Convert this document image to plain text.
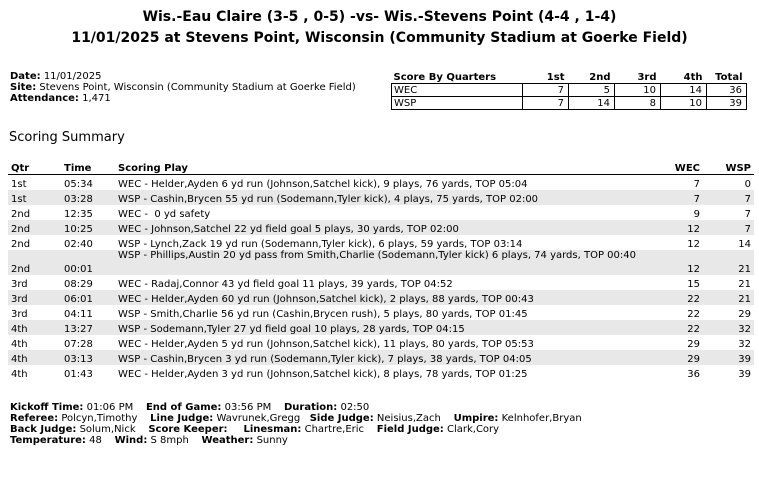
Wis.-Eau Claire (3-5 , 0-5) -vs- Wis.-Stevens Point (4-4 , 1-4)
11/01/2025 at Stevens Point, Wisconsin (Community Stadium at Goerke Field)
Date: 11/01/2025
Site: Stevens Point, Wisconsin (Community Stadium at Goerke Field)
Attendance: 1,471
Score By Quarters	1st	2nd	3rd	4th	Total
WEC	7	5	10	14	36
WSP	7	14	8	10	39
Scoring Summary
Qtr	Time	Scoring Play	WEC	WSP
1st	05:34	WEC - Helder,Ayden 6 yd run (Johnson,Satchel kick), 9 plays, 76 yards, TOP 05:04	7	0
1st	03:28	WSP - Cashin,Brycen 55 yd run (Sodemann,Tyler kick), 4 plays, 75 yards, TOP 02:00	7	7
2nd	12:35	WEC -  0 yd safety	9	7
2nd	10:25	WEC - Johnson,Satchel 22 yd field goal 5 plays, 30 yards, TOP 02:00	12	7
2nd	02:40	WSP - Lynch,Zack 19 yd run (Sodemann,Tyler kick), 6 plays, 59 yards, TOP 03:14	12	14
2nd	00:01	WSP - Phillips,Austin 20 yd pass from Smith,Charlie (Sodemann,Tyler kick) 6 plays, 74 yards, TOP 00:40	12	21
3rd	08:29	WEC - Radaj,Connor 43 yd field goal 11 plays, 39 yards, TOP 04:52	15	21
3rd	06:01	WEC - Helder,Ayden 60 yd run (Johnson,Satchel kick), 2 plays, 88 yards, TOP 00:43	22	21
3rd	04:11	WSP - Smith,Charlie 56 yd run (Cashin,Brycen rush), 5 plays, 80 yards, TOP 01:45	22	29
4th	13:27	WSP - Sodemann,Tyler 27 yd field goal 10 plays, 28 yards, TOP 04:15	22	32
4th	07:28	WEC - Helder,Ayden 5 yd run (Johnson,Satchel kick), 11 plays, 80 yards, TOP 05:53	29	32
4th	03:13	WSP - Cashin,Brycen 3 yd run (Sodemann,Tyler kick), 7 plays, 38 yards, TOP 04:05	29	39
4th	01:43	WEC - Helder,Ayden 3 yd run (Johnson,Satchel kick), 8 plays, 78 yards, TOP 01:25	36	39
Kickoff Time: 01:06 PM End of Game: 03:56 PM Duration: 02:50
Referee: Polcyn,Timothy Line Judge: Wavrunek,Gregg Side Judge: Neisius,Zach Umpire: Kelnhofer,Bryan
Back Judge: Solum,Nick Score Keeper: Linesman: Chartre,Eric Field Judge: Clark,Cory
Temperature: 48 Wind: S 8mph Weather: Sunny
